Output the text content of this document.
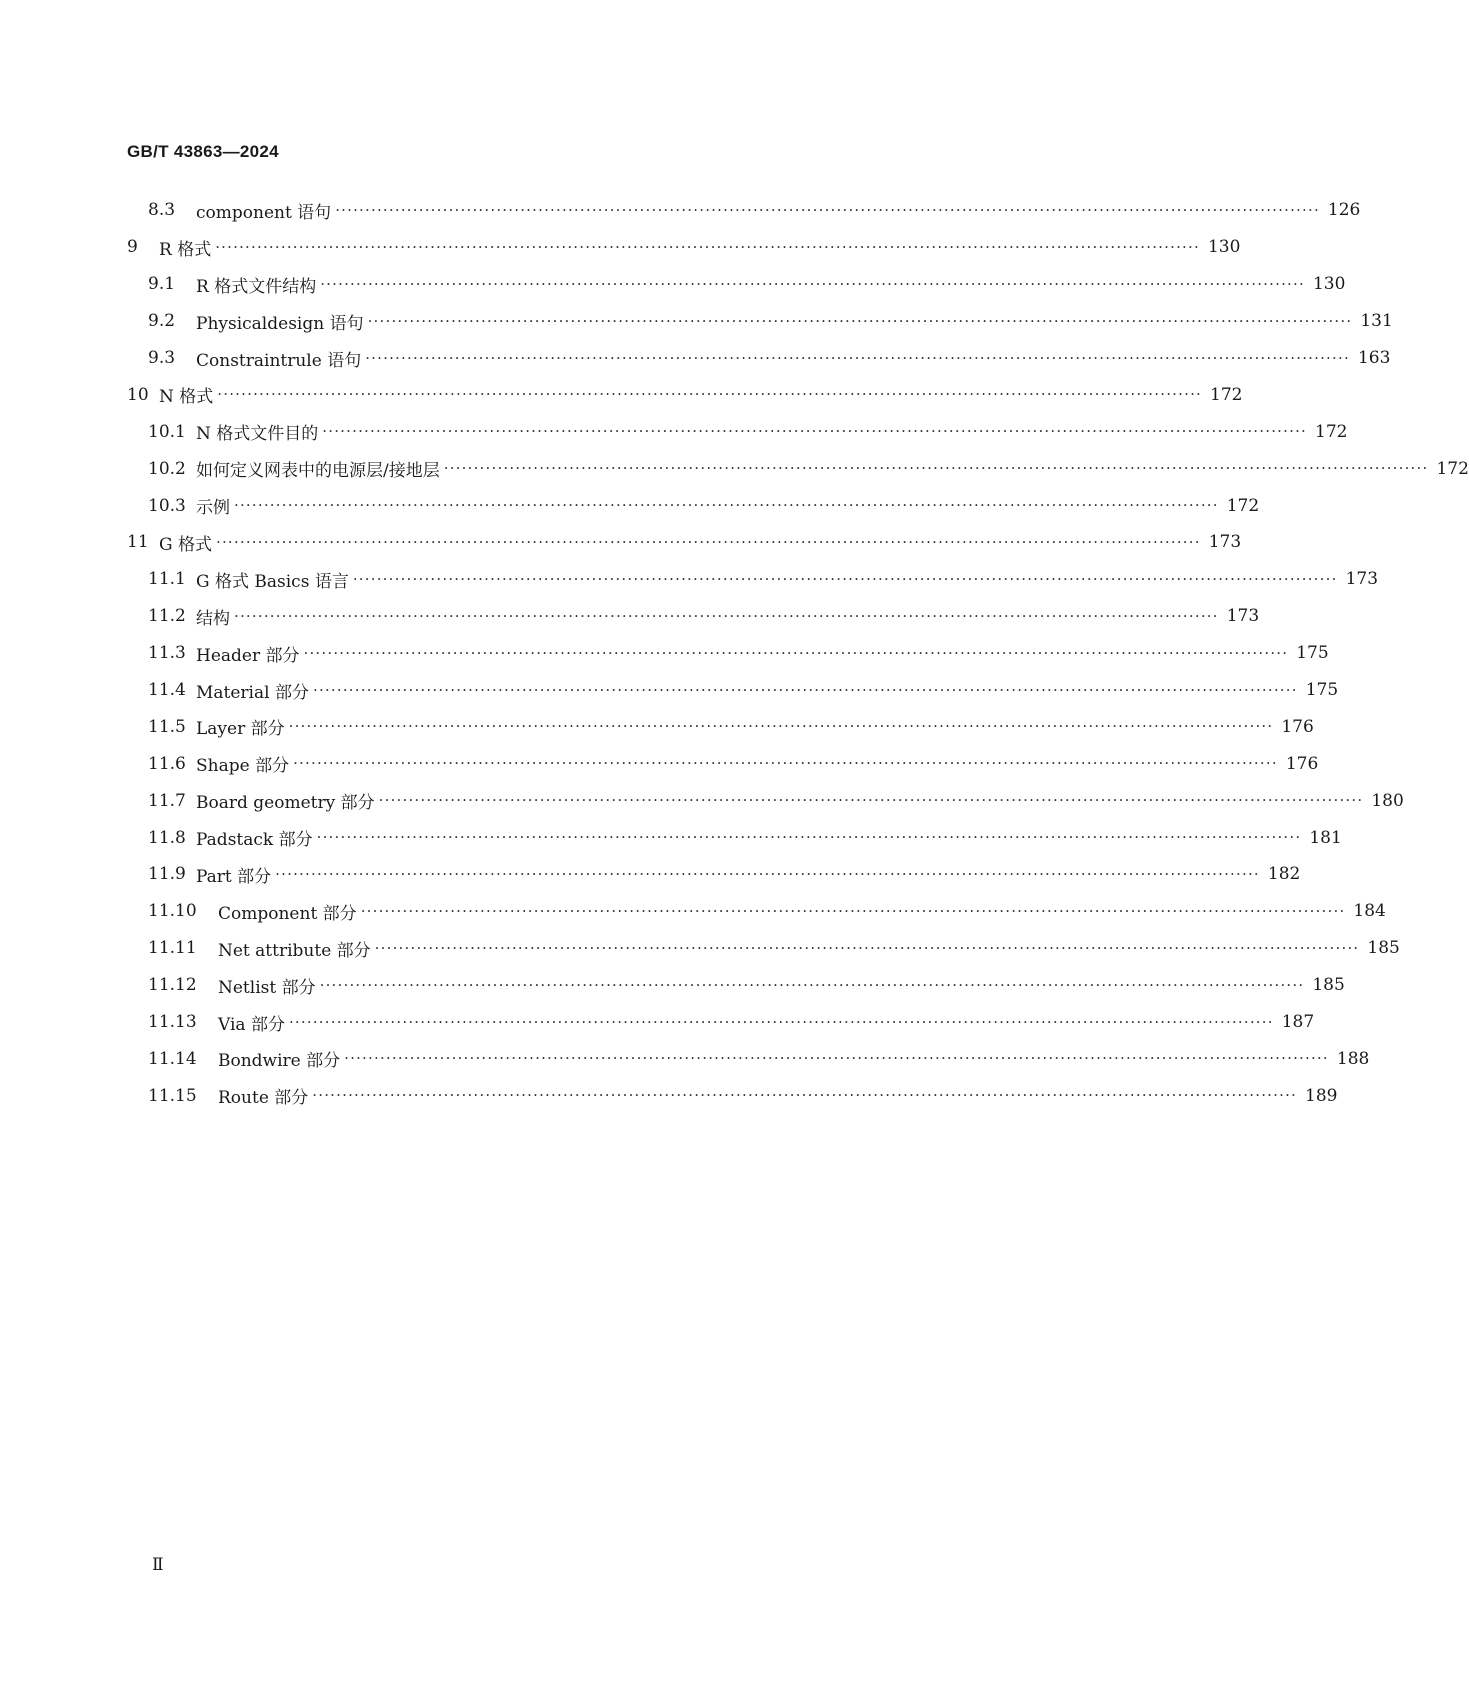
GB/T 43863—2024
8.3	component 语句 ····································································································································································· 126
9	R 格式 ····································································································································································· 130
9.1	R 格式文件结构 ····································································································································································· 130
9.2	Physicaldesign 语句 ····································································································································································· 131
9.3	Constraintrule 语句 ····································································································································································· 163
10 N 格式 ····································································································································································· 172
10.1 N 格式文件目的 ····································································································································································· 172
10.2 如何定义网表中的电源层/接地层 ····································································································································································· 172
10.3 示例 ····································································································································································· 172
11 G 格式 ····································································································································································· 173
11.1 G 格式 Basics 语言 ····································································································································································· 173
11.2 结构 ····································································································································································· 173
11.3 Header 部分 ····································································································································································· 175
11.4 Material 部分 ····································································································································································· 175
11.5 Layer 部分 ····································································································································································· 176
11.6 Shape 部分 ····································································································································································· 176
11.7 Board geometry 部分 ····································································································································································· 180
11.8 Padstack 部分 ····································································································································································· 181
11.9 Part 部分 ····································································································································································· 182
11.10	Component 部分 ····································································································································································· 184
11.11	Net attribute 部分 ····································································································································································· 185
11.12	Netlist 部分 ····································································································································································· 185
11.13	Via 部分 ····································································································································································· 187
11.14	Bondwire 部分 ····································································································································································· 188
11.15	Route 部分 ····································································································································································· 189
Ⅱ
